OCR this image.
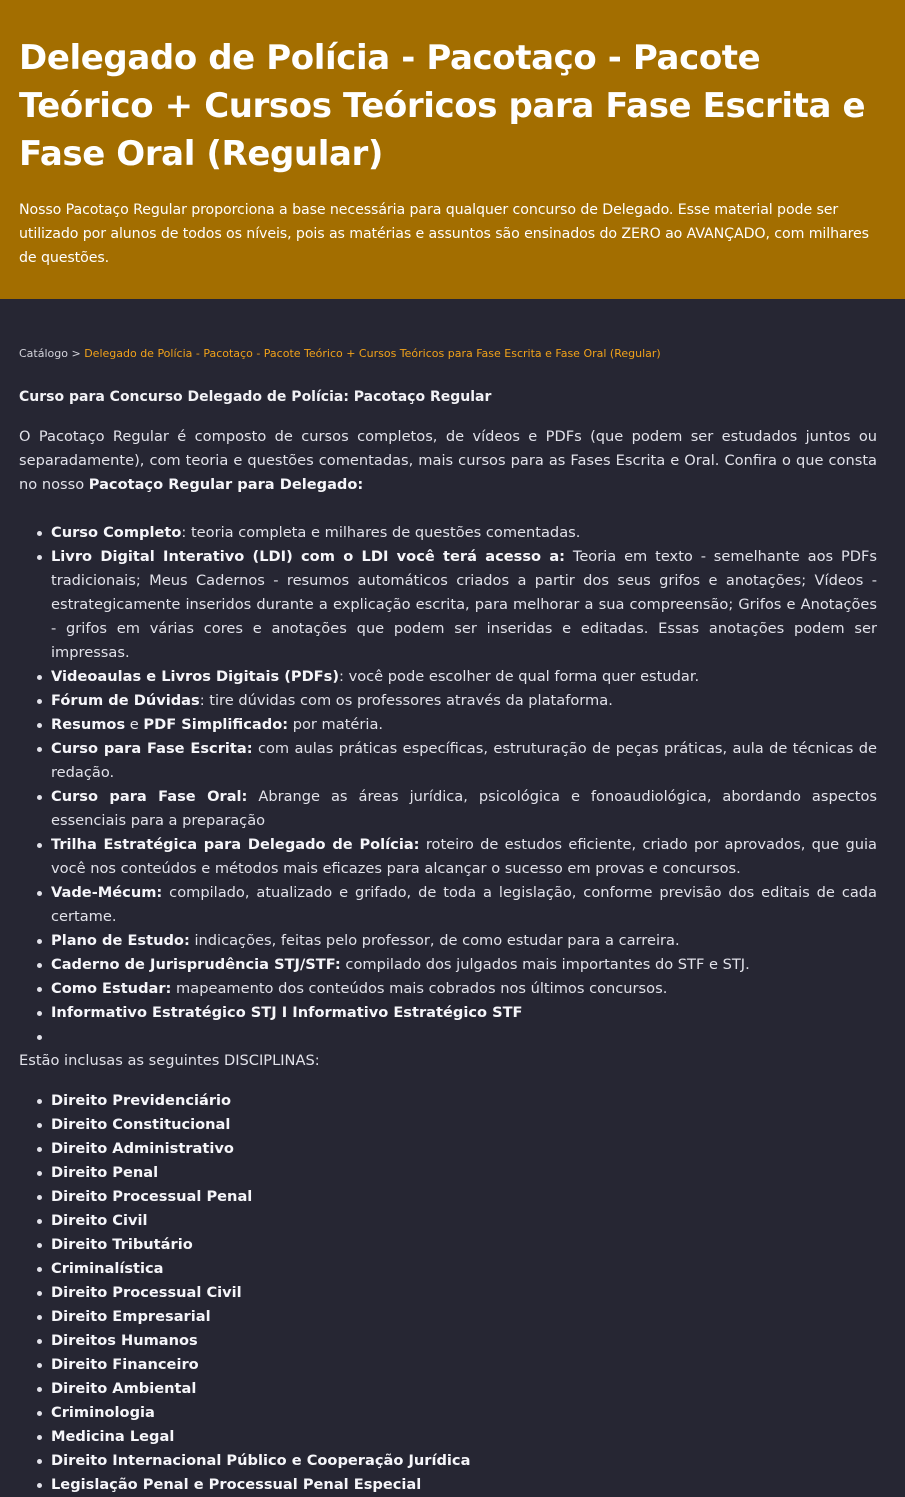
Delegado de Polícia - Pacotaço - Pacote Teórico + Cursos Teóricos para Fase Escrita e Fase Oral (Regular)

Nosso Pacotaço Regular proporciona a base necessária para qualquer concurso de Delegado. Esse material pode ser utilizado por alunos de todos os níveis, pois as matérias e assuntos são ensinados do ZERO ao AVANÇADO, com milhares de questões.

Catálogo > Delegado de Polícia - Pacotaço - Pacote Teórico + Cursos Teóricos para Fase Escrita e Fase Oral (Regular)
Curso para Concurso Delegado de Polícia: Pacotaço Regular

O Pacotaço Regular é composto de cursos completos, de vídeos e PDFs (que podem ser estudados juntos ou separadamente), com teoria e questões comentadas, mais cursos para as Fases Escrita e Oral. Confira o que consta no nosso Pacotaço Regular para Delegado:

Curso Completo: teoria completa e milhares de questões comentadas.
Livro Digital Interativo (LDI) com o LDI você terá acesso a: Teoria em texto - semelhante aos PDFs tradicionais; Meus Cadernos - resumos automáticos criados a partir dos seus grifos e anotações; Vídeos - estrategicamente inseridos durante a explicação escrita, para melhorar a sua compreensão; Grifos e Anotações - grifos em várias cores e anotações que podem ser inseridas e editadas. Essas anotações podem ser impressas.
Videoaulas e Livros Digitais (PDFs): você pode escolher de qual forma quer estudar.
Fórum de Dúvidas: tire dúvidas com os professores através da plataforma.
Resumos e PDF Simplificado: por matéria.
Curso para Fase Escrita: com aulas práticas específicas, estruturação de peças práticas, aula de técnicas de redação.
Curso para Fase Oral: Abrange as áreas jurídica, psicológica e fonoaudiológica, abordando aspectos essenciais para a preparação
Trilha Estratégica para Delegado de Polícia: roteiro de estudos eficiente, criado por aprovados, que guia você nos conteúdos e métodos mais eficazes para alcançar o sucesso em provas e concursos.
Vade-Mécum: compilado, atualizado e grifado, de toda a legislação, conforme previsão dos editais de cada certame.
Plano de Estudo: indicações, feitas pelo professor, de como estudar para a carreira.
Caderno de Jurisprudência STJ/STF: compilado dos julgados mais importantes do STF e STJ.
Como Estudar: mapeamento dos conteúdos mais cobrados nos últimos concursos.
Informativo Estratégico STJ I Informativo Estratégico STF

Estão inclusas as seguintes DISCIPLINAS:

Direito Previdenciário
Direito Constitucional
Direito Administrativo
Direito Penal
Direito Processual Penal
Direito Civil
Direito Tributário
Criminalística
Direito Processual Civil
Direito Empresarial
Direitos Humanos
Direito Financeiro
Direito Ambiental
Criminologia
Medicina Legal
Direito Internacional Público e Cooperação Jurídica
Legislação Penal e Processual Penal Especial
